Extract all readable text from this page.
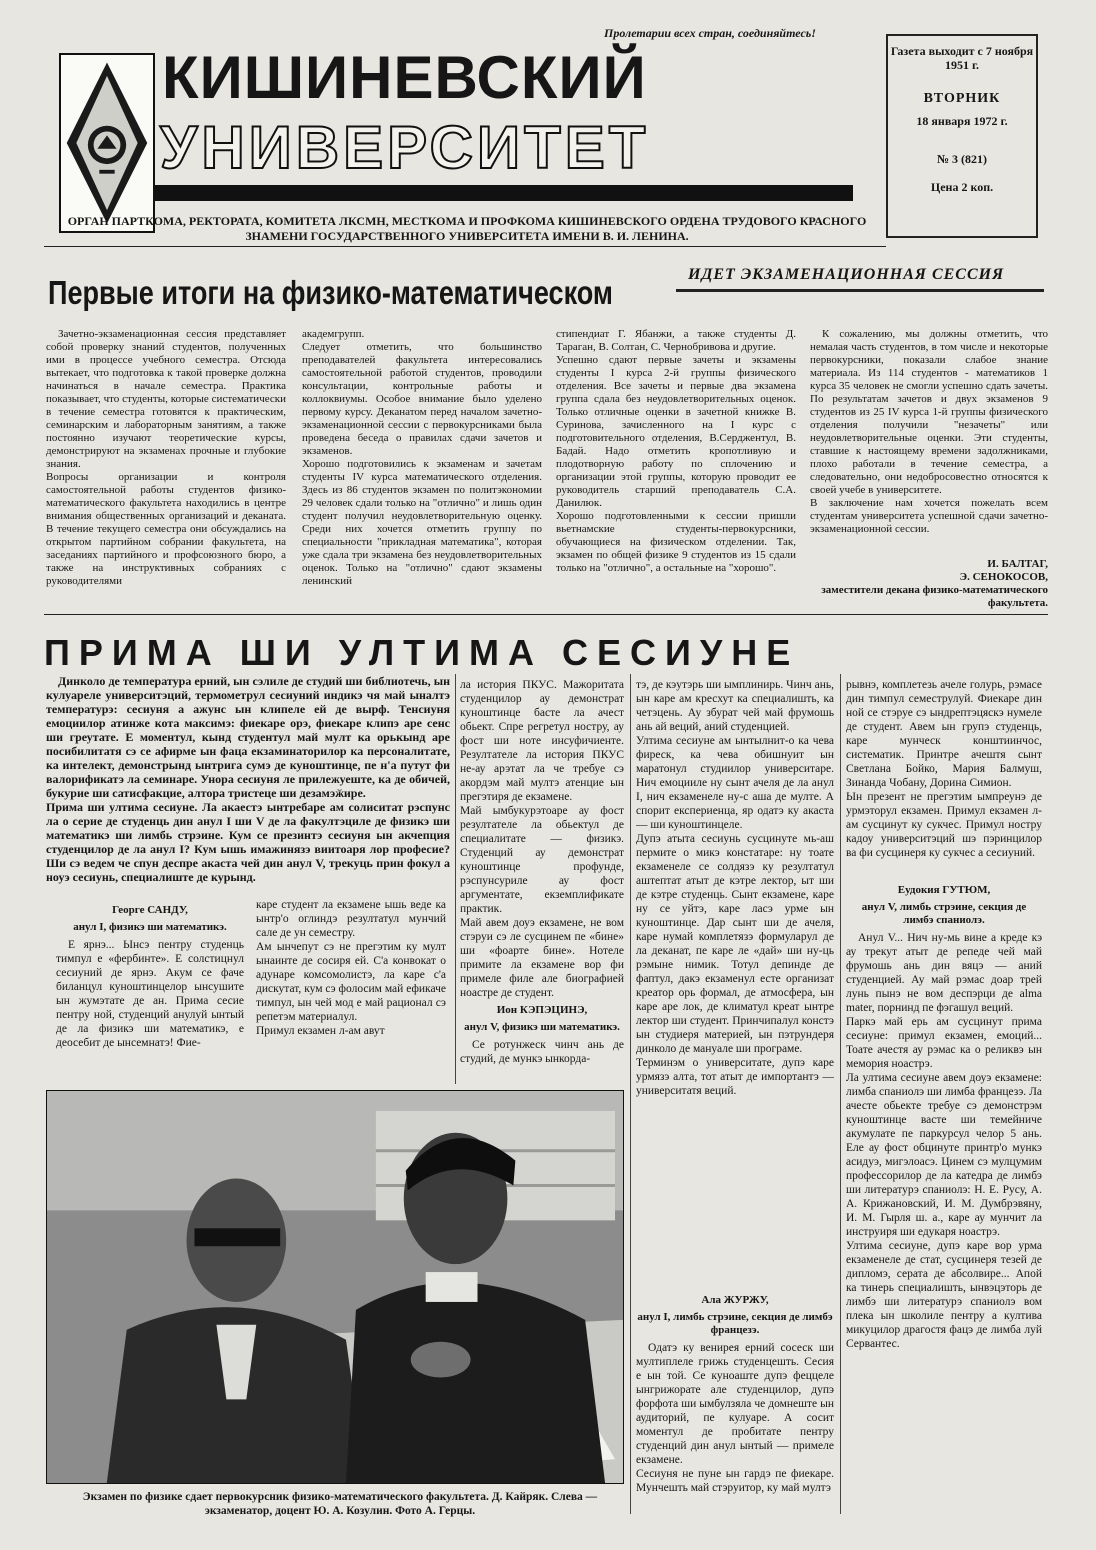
Пролетарии всех стран, соединяйтесь!
КИШИНЕВСКИЙ
УНИВЕРСИТЕТ
Газета выходит с 7 ноября 1951 г.
ВТОРНИК
18 января 1972 г.
№ 3 (821)
Цена 2 коп.
ОРГАН ПАРТКОМА, РЕКТОРАТА, КОМИТЕТА ЛКСМН, МЕСТКОМА И ПРОФКОМА КИШИНЕВСКОГО ОРДЕНА ТРУДОВОГО КРАСНОГО ЗНАМЕНИ ГОСУДАРСТВЕННОГО УНИВЕРСИТЕТА ИМЕНИ В. И. ЛЕНИНА.
Первые итоги на физико-математическом	ИДЕТ ЭКЗАМЕНАЦИОННАЯ СЕССИЯ

Зачетно-экзаменационная сессия представляет собой проверку знаний студентов, полученных ими в процессе учебного семестра. Отсюда вытекает, что подготовка к такой проверке должна начинаться в начале семестра. Практика показывает, что студенты, которые систематически в течение семестра готовятся к практическим, семинарским и лабораторным занятиям, а также постоянно изучают теоретические курсы, демонстрируют на экзаменах прочные и глубокие знания.
Вопросы организации и контроля самостоятельной работы студентов физико-математического факультета находились в центре внимания общественных организаций и деканата. В течение текущего семестра они обсуждались на открытом партийном собрании факультета, на заседаниях партийного и профсоюзного бюро, а также на инструктивных собраниях с руководителями

академгрупп.
Следует отметить, что большинство преподавателей факультета интересовались самостоятельной работой студентов, проводили консультации, контрольные работы и коллоквиумы. Особое внимание было уделено первому курсу. Деканатом перед началом зачетно-экзаменационной сессии с первокурсниками была проведена беседа о правилах сдачи зачетов и экзаменов.
Хорошо подготовились к экзаменам и зачетам студенты IV курса математического отделения. Здесь из 86 студентов экзамен по политэкономии 29 человек сдали только на "отлично" и лишь один студент получил неудовлетворительную оценку. Среди них хочется отметить группу по специальности "прикладная математика", которая уже сдала три экзамена без неудовлетворительных оценок. Только на "отлично" сдают экзамены ленинский

стипендиат Г. Ябанжи, а также студенты Д. Тараган, В. Солтан, С. Чернобривова и другие.
Успешно сдают первые зачеты и экзамены студенты I курса 2-й группы физического отделения. Все зачеты и первые два экзамена группа сдала без неудовлетворительных оценок. Только отличные оценки в зачетной книжке В. Суринова, зачисленного на I курс с подготовительного отделения, В.Серджентул, В. Бадай. Надо отметить кропотливую и плодотворную работу по сплочению и организации этой группы, которую проводит ее руководитель старший преподаватель С.А. Данилюк.
Хорошо подготовленными к сессии пришли вьетнамские студенты-первокурсники, обучающиеся на физическом отделении. Так, экзамен по общей физике 9 студентов из 15 сдали только на "отлично", а остальные на "хорошо".

К сожалению, мы должны отметить, что немалая часть студентов, в том числе и некоторые первокурсники, показали слабое знание материала. Из 114 студентов - математиков 1 курса 35 человек не смогли успешно сдать зачеты. По результатам зачетов и двух экзаменов 9 студентов из 25 IV курса 1-й группы физического отделения получили "незачеты" или неудовлетворительные оценки. Эти студенты, ставшие к настоящему времени задолжниками, плохо работали в течение семестра, а следовательно, они недобросовестно относятся к своей учебе в университете.
В заключение нам хочется пожелать всем студентам университета успешной сдачи зачетно-экзаменационной сессии.

И. БАЛТАГ,
Э. СЕНОКОСОВ,
заместители декана физико-математического факультета.
ПРИМА ШИ УЛТИМА СЕСИУНЕ

Динколо де температура ерний, ын сэлиле де студий ши библиотечь, ын кулуареле университэций, термометрул сесиуний индикэ чя май ынaлтэ температурэ: сесиуня а ажунс ын клипеле ей де вырф. Тенсиуня емоциилор атинже кота максимэ: фиекаре орэ, фиекаре клипэ аре сенс ши греутате. Е моментул, кынд студентул май мулт ка орькынд аре посибилитатя сэ се афирме ын фаца екзаминаторилор ка персоналитате, ка интелект, демонстрынд ынтрига сумэ де куноштинце, пе н'а путут фи валорификатэ ла семинаре. Унора сесиуня ле прилежуеште, ка де обичей, букурие ши сатисфакцие, алтора тристеце ши дезамэӂире.
Прима ши ултима сесиуне. Ла акаестэ ынтребаре ам солиситат рэспунс ла о серие де студенць дин анул I ши V де ла факултэциле де физикэ ши математикэ ши лимбь стрэине. Кум се презинтэ сесиуня ын акчепция студенцилор де ла анул I? Кум ышь имажинязэ виитоаря лор професие? Ши сэ ведем че спун деспре акаста чей дин анул V, трекуць прин фокул а ноуэ сесиунь, специалиштe де курынд.

Георге САНДУ,
анул I, физикэ ши математикэ.

Е ярнэ... Ынсэ пентру студенць тимпул е «фербинте». Е солстицнул сесиуний де ярнэ. Акум се фаче биланцул куноштинцелор ынсушите ын жумэтате де ан. Прима сесие пентру ной, студенций анулуй ынтый де ла физикэ ши математикэ, е деосебит де ынсемнатэ! Фие-

каре студент ла екзамене ышь веде ка ынтр'о оглиндэ резултатул мунчий сале де ун семестру.
Ам ынчепут сэ не прегэтим ку мулт ынаинте де сосиря ей. С'а конвокат о адунаре комсомолистэ, ла каре с'а дискутат, кум сэ фолосим май ефикаче тимпул, ын чей мод е май рационал сэ репетэм материалул.
Примул екзамен л-ам авут

ла история ПКУС. Мажоритата студенцилор ау демонстрат куноштинце басте ла ачест обьект. Спре регретул ностру, ау фост ши ноте инсуфичиенте. Резултателе ла история ПКУС не-ау арэтат ла че требуе сэ акордэм май мултэ атенцие ын прегэтиря де екзамене.
Май ымбукурэтоаре ау фост резултателе ла обьектул де специалитате — физикэ. Студенций ау демонстрат куноштинце профунде, рэспунсуриле ау фост аргументате, екземплификате практик.
Май авем доуэ екзамене, не вом стэруи сэ ле сусцинем пе «бине» ши «фоарте бине». Нотеле примите ла екзамене вор фи примеле филе але биографией ноастре де студент.

Ион КЭПЭЦИНЭ,
анул V, физикэ ши математикэ.

Се ротунжеск чинч ань де студий, де мункэ ынкорда-

тэ, де кэутэрь ши ымплинирь. Чинч ань, ын каре ам кресхут ка специалишть, ка четэцень. Ау збурат чей май фрумошь ань ай веций, аний студенцией.
Ултима сесиуне ам ынтылнит-о ка чева фиреск, ка чева обишнуит ын маратонул студиилор университаре. Нич емоцииле ну сынт ачеля де ла анул I, нич екзамeнеле ну-с аша де мулте. А спорит експериенца, яр одатэ ку акаста — ши куноштинцеле.
Дупэ атыта сесиунь сусцинуте мь-аш пермите о микэ констатаре: ну тоате екзаменеле се солдязэ ку резултатул аштептат атыт де кэтре лектор, ыт ши де кэтре студенць. Сынт екзамене, каре ну се уйтэ, каре ласэ урме ын куноштинцe. Дар сынт ши де ачеля, каре нумай комплетязэ формуларул де ла деканат, пе каре ле «дай» ши ну-ць рэмыне нимик. Тотул депинде де фаптул, дакэ екзаменул есте организат креатор орь формал, де атмосфера, ын каре аре лок, де климатул креат ынтре лектор ши студент. Принчипалул констэ ын студиеря материей, ын пэтрундеря динколо де мануале ши програме.
Терминэм о университате, дупэ каре урмязэ алта, тот атыт де импортантэ — университатя веций.

Ала ЖУРЖУ,
анул I, лимбь стрэине, секция де лимбэ францезэ.

Одатэ ку венирея ерний сосеск ши мултиплеле грижь студенцешть. Сесия е ын той. Се куноаште дупэ феццеле ынгрижорате але студенцилор, дупэ форфота ши ымбулзяла че домнеште ын аудиторий, пе кулуаре. А сосит моментул де пробитате пентру студенций дин анул ынтый — примеле екзамене.
Сесиуня не пуне ын гардэ пе фиекаре. Мунчешть май стэруитор, ку май мултэ

рывнэ, комплетезь ачеле голурь, рэмасе дин тимпул семеструлуй. Фиекаре дин ной се стэруе сэ ындрептэцяскэ нумеле де студент. Авем ын групэ студенць, каре мунческ конштиинчос, систематик. Принтре ачештя сынт Светлана Бойко, Мария Балмуш, Зинанда Чобану, Дорина Симион.
Ын презент не прегэтим ымпреунэ де урмэторул екзамен. Примул екзамен л-ам сусцинут ку сукчес. Примул ностру кадоу университэций шэ пэринцилор ва фи сусцинеря ку сукчес а сесиуний.

Еудокия ГУТЮМ,
анул V, лимбь стрэине, секция де лимбэ спаниолэ.

Анул V... Нич ну-мь вине а креде кэ ау трекут атыт де репеде чей май фрумошь ань дин вяцэ — аний студенцией. Ау май рэмас доар трей лунь пынэ не вом деспэрци де alma mater, порнинд пе фэгашул веций.
Паркэ май ерь ам сусцинут прима сесиуне: примул екзамен, емоций... Тоате ачестя ау рэмас ка о реликвэ ын мемория ноастрэ.
Ла ултима сесиуне авем доуэ екзамене: лимба спаниолэ ши лимба францезэ. Ла ачесте обьекте требуе сэ демонстрэм куноштинце ваcте ши темейниче акумулате пе паркурсул челор 5 ань. Еле ау фост обцинуте принтр'о мункэ асидуэ, мигэлоасэ. Цинем сэ мулцумим профессорилор де ла катедра де лимбэ ши литературэ спаниолэ: Н. Е. Русу, А. А. Крижановский, И. М. Думбрэвяну, И. М. Гырля ш. а., каре ау мунчит ла инструиря ши едукаря ноастрэ.
Ултима сесиуне, дупэ каре вор урма екзамeнеле де стат, сусцинеря тезей де дипломэ, серата де абсолвире... Апой ка тинерь специалишть, ынвэцэторь де лимбэ ши литературэ спаниолэ вом плека ын школиле пентру а култива микуцилор драгостя фацэ де лимба луй Сервантес.

Экзамен по физике сдает первокурсник физико-математического факультета. Д. Кайряк. Слева — экзаменатор, доцент Ю. А. Козулин. Фото А. Герцы.
